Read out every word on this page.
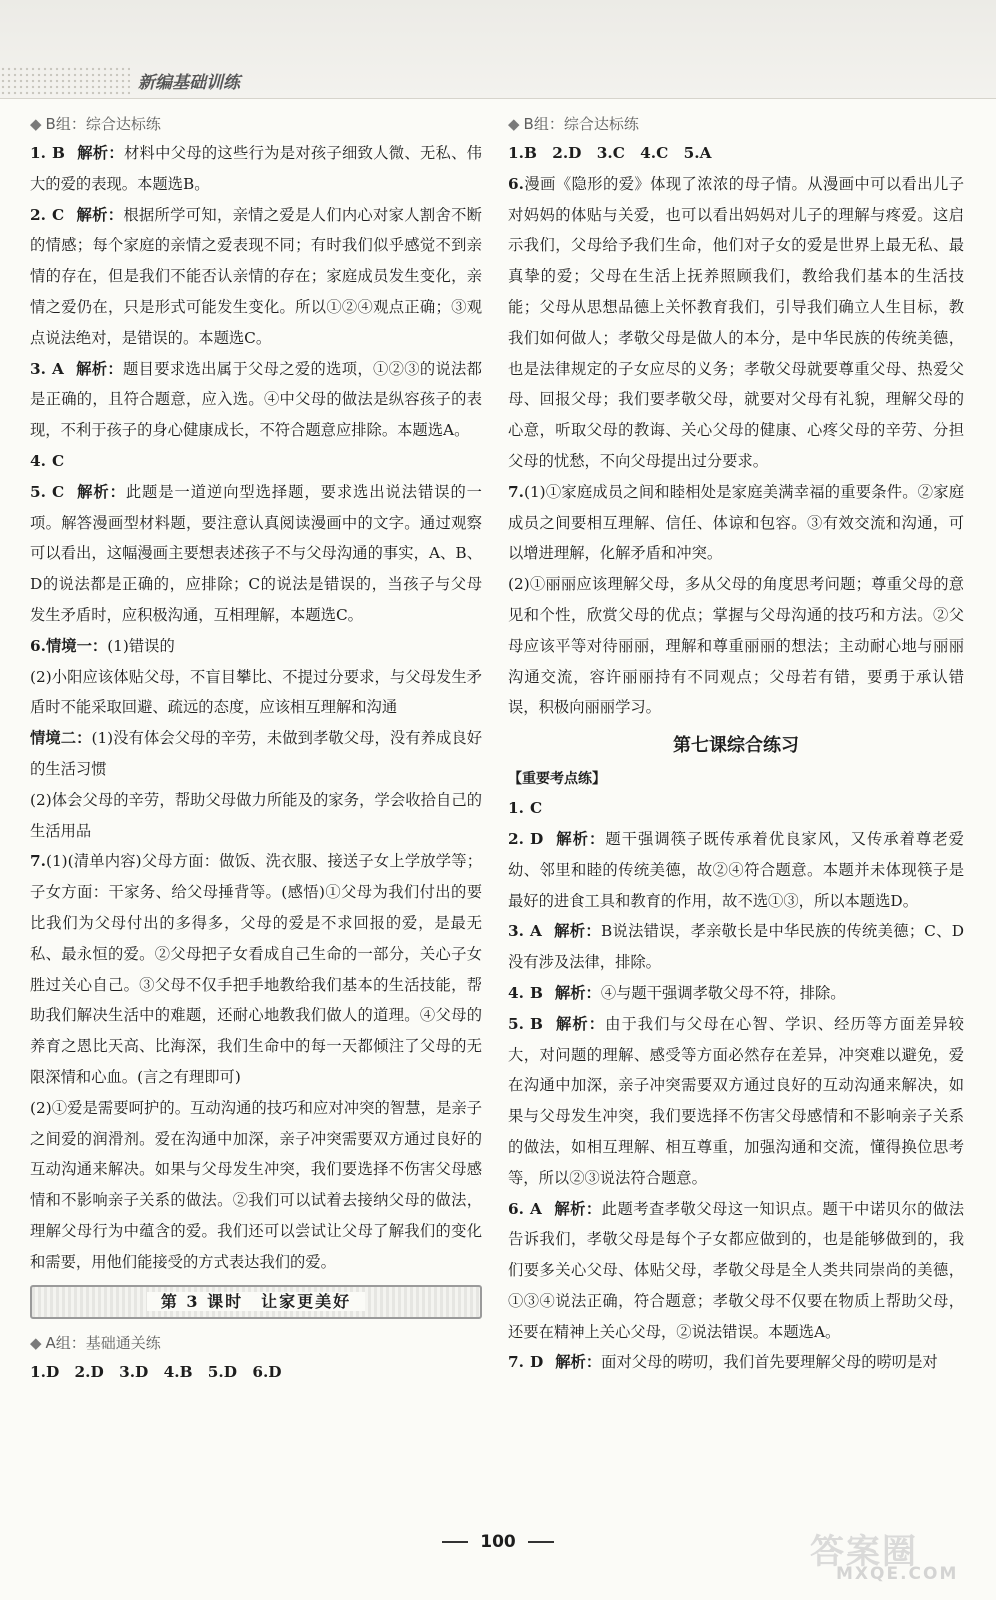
新编基础训练
◆ B组：综合达标练
1. B 解析：材料中父母的这些行为是对孩子细致人微、无私、伟大的爱的表现。本题选B。
2. C 解析：根据所学可知，亲情之爱是人们内心对家人割舍不断的情感；每个家庭的亲情之爱表现不同；有时我们似乎感觉不到亲情的存在，但是我们不能否认亲情的存在；家庭成员发生变化，亲情之爱仍在，只是形式可能发生变化。所以①②④观点正确；③观点说法绝对，是错误的。本题选C。
3. A 解析：题目要求选出属于父母之爱的选项，①②③的说法都是正确的，且符合题意，应入选。④中父母的做法是纵容孩子的表现，不利于孩子的身心健康成长，不符合题意应排除。本题选A。
4. C
5. C 解析：此题是一道逆向型选择题，要求选出说法错误的一项。解答漫画型材料题，要注意认真阅读漫画中的文字。通过观察可以看出，这幅漫画主要想表述孩子不与父母沟通的事实，A、B、D的说法都是正确的，应排除；C的说法是错误的，当孩子与父母发生矛盾时，应积极沟通，互相理解，本题选C。
6.情境一：(1)错误的
(2)小阳应该体贴父母，不盲目攀比、不提过分要求，与父母发生矛盾时不能采取回避、疏远的态度，应该相互理解和沟通
情境二：(1)没有体会父母的辛劳，未做到孝敬父母，没有养成良好的生活习惯
(2)体会父母的辛劳，帮助父母做力所能及的家务，学会收拾自己的生活用品
7.(1)(清单内容)父母方面：做饭、洗衣服、接送子女上学放学等；子女方面：干家务、给父母捶背等。(感悟)①父母为我们付出的要比我们为父母付出的多得多，父母的爱是不求回报的爱，是最无私、最永恒的爱。②父母把子女看成自己生命的一部分，关心子女胜过关心自己。③父母不仅手把手地教给我们基本的生活技能，帮助我们解决生活中的难题，还耐心地教我们做人的道理。④父母的养育之恩比天高、比海深，我们生命中的每一天都倾注了父母的无限深情和心血。(言之有理即可)
(2)①爱是需要呵护的。互动沟通的技巧和应对冲突的智慧，是亲子之间爱的润滑剂。爱在沟通中加深，亲子冲突需要双方通过良好的互动沟通来解决。如果与父母发生冲突，我们要选择不伤害父母感情和不影响亲子关系的做法。②我们可以试着去接纳父母的做法，理解父母行为中蕴含的爱。我们还可以尝试让父母了解我们的变化和需要，用他们能接受的方式表达我们的爱。
第 3 课时　让家更美好
◆ A组：基础通关练
1.D　2.D　3.D　4.B　5.D　6.D
◆ B组：综合达标练
1.B　2.D　3.C　4.C　5.A
6.漫画《隐形的爱》体现了浓浓的母子情。从漫画中可以看出儿子对妈妈的体贴与关爱，也可以看出妈妈对儿子的理解与疼爱。这启示我们，父母给予我们生命，他们对子女的爱是世界上最无私、最真挚的爱；父母在生活上抚养照顾我们，教给我们基本的生活技能；父母从思想品德上关怀教育我们，引导我们确立人生目标，教我们如何做人；孝敬父母是做人的本分，是中华民族的传统美德，也是法律规定的子女应尽的义务；孝敬父母就要尊重父母、热爱父母、回报父母；我们要孝敬父母，就要对父母有礼貌，理解父母的心意，听取父母的教诲、关心父母的健康、心疼父母的辛劳、分担父母的忧愁，不向父母提出过分要求。
7.(1)①家庭成员之间和睦相处是家庭美满幸福的重要条件。②家庭成员之间要相互理解、信任、体谅和包容。③有效交流和沟通，可以增进理解，化解矛盾和冲突。
(2)①丽丽应该理解父母，多从父母的角度思考问题；尊重父母的意见和个性，欣赏父母的优点；掌握与父母沟通的技巧和方法。②父母应该平等对待丽丽，理解和尊重丽丽的想法；主动耐心地与丽丽沟通交流，容许丽丽持有不同观点；父母若有错，要勇于承认错误，积极向丽丽学习。
第七课综合练习
【重要考点练】
1. C
2. D 解析：题干强调筷子既传承着优良家风，又传承着尊老爱幼、邻里和睦的传统美德，故②④符合题意。本题并未体现筷子是最好的进食工具和教育的作用，故不选①③，所以本题选D。
3. A 解析：B说法错误，孝亲敬长是中华民族的传统美德；C、D没有涉及法律，排除。
4. B 解析：④与题干强调孝敬父母不符，排除。
5. B 解析：由于我们与父母在心智、学识、经历等方面差异较大，对问题的理解、感受等方面必然存在差异，冲突难以避免，爱在沟通中加深，亲子冲突需要双方通过良好的互动沟通来解决，如果与父母发生冲突，我们要选择不伤害父母感情和不影响亲子关系的做法，如相互理解、相互尊重，加强沟通和交流，懂得换位思考等，所以②③说法符合题意。
6. A 解析：此题考查孝敬父母这一知识点。题干中诺贝尔的做法告诉我们，孝敬父母是每个子女都应做到的，也是能够做到的，我们要多关心父母、体贴父母，孝敬父母是全人类共同崇尚的美德，①③④说法正确，符合题意；孝敬父母不仅要在物质上帮助父母，还要在精神上关心父母，②说法错误。本题选A。
7. D 解析：面对父母的唠叨，我们首先要理解父母的唠叨是对
100	答案圈
MXQE.COM
